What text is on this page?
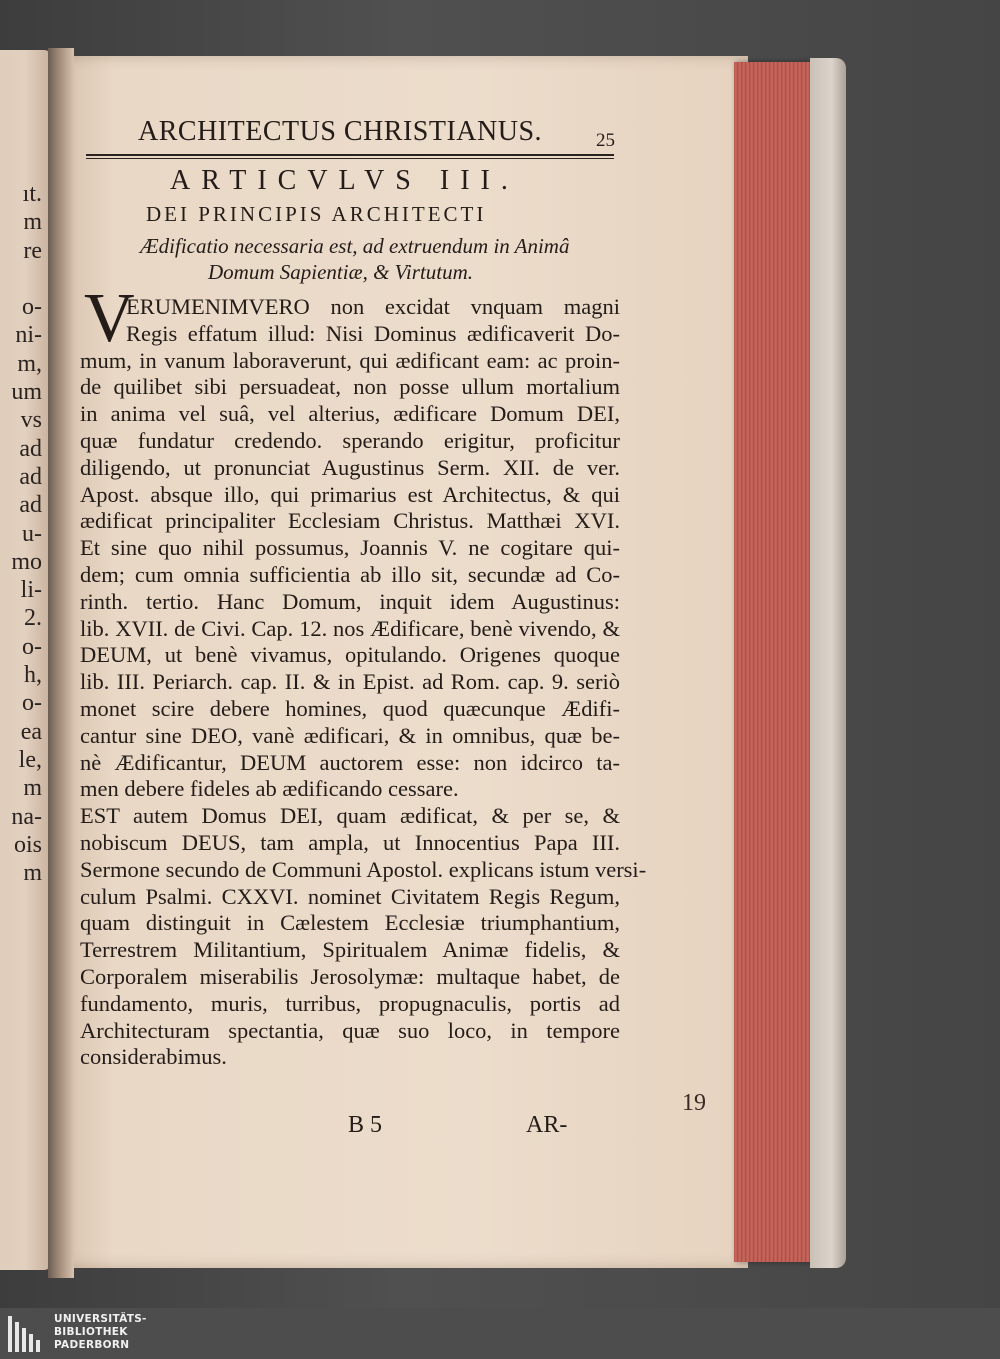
ıt.
m
re
o-
ni-
m,
um
vs
ad
ad
ad
u-
mo
li-
2.
o-
h,
o-
ea
le,
m
na-
ois
m
ARCHITECTUS CHRISTIANUS.	25
ARTICVLVS III.
DEI PRINCIPIS ARCHITECTI
Ædificatio necessaria est, ad extruendum in Animâ
Domum Sapientiæ, & Virtutum.
V
ERUMENIMVERO non excidat vnquam magni
Regis effatum illud: Nisi Dominus ædificaverit Do-
mum, in vanum laboraverunt, qui ædificant eam: ac proin-
de quilibet sibi persuadeat, non posse ullum mortalium
in anima vel suâ, vel alterius, ædificare Domum DEI,
quæ fundatur credendo. sperando erigitur, proficitur
diligendo, ut pronunciat Augustinus Serm. XII. de ver.
Apost. absque illo, qui primarius est Architectus, & qui
ædificat principaliter Ecclesiam Christus. Matthæi XVI.
Et sine quo nihil possumus, Joannis V. ne cogitare qui-
dem; cum omnia sufficientia ab illo sit, secundæ ad Co-
rinth. tertio. Hanc Domum, inquit idem Augustinus:
lib. XVII. de Civi. Cap. 12. nos Ædificare, benè vivendo, &
DEUM, ut benè vivamus, opitulando. Origenes quoque
lib. III. Periarch. cap. II. & in Epist. ad Rom. cap. 9. seriò
monet scire debere homines, quod quæcunque Ædifi-
cantur sine DEO, vanè ædificari, & in omnibus, quæ be-
nè Ædificantur, DEUM auctorem esse: non idcirco ta-
men debere fideles ab ædificando cessare.
EST autem Domus DEI, quam ædificat, & per se, &
nobiscum DEUS, tam ampla, ut Innocentius Papa III.
Sermone secundo de Communi Apostol. explicans istum versi-
culum Psalmi. CXXVI. nominet Civitatem Regis Regum,
quam distinguit in Cælestem Ecclesiæ triumphantium,
Terrestrem Militantium, Spiritualem Animæ fidelis, &
Corporalem miserabilis Jerosolymæ: multaque habet, de
fundamento, muris, turribus, propugnaculis, portis ad
Architecturam spectantia, quæ suo loco, in tempore
considerabimus.
B 5	AR-
19
UNIVERSITÄTS-
BIBLIOTHEK
PADERBORN
